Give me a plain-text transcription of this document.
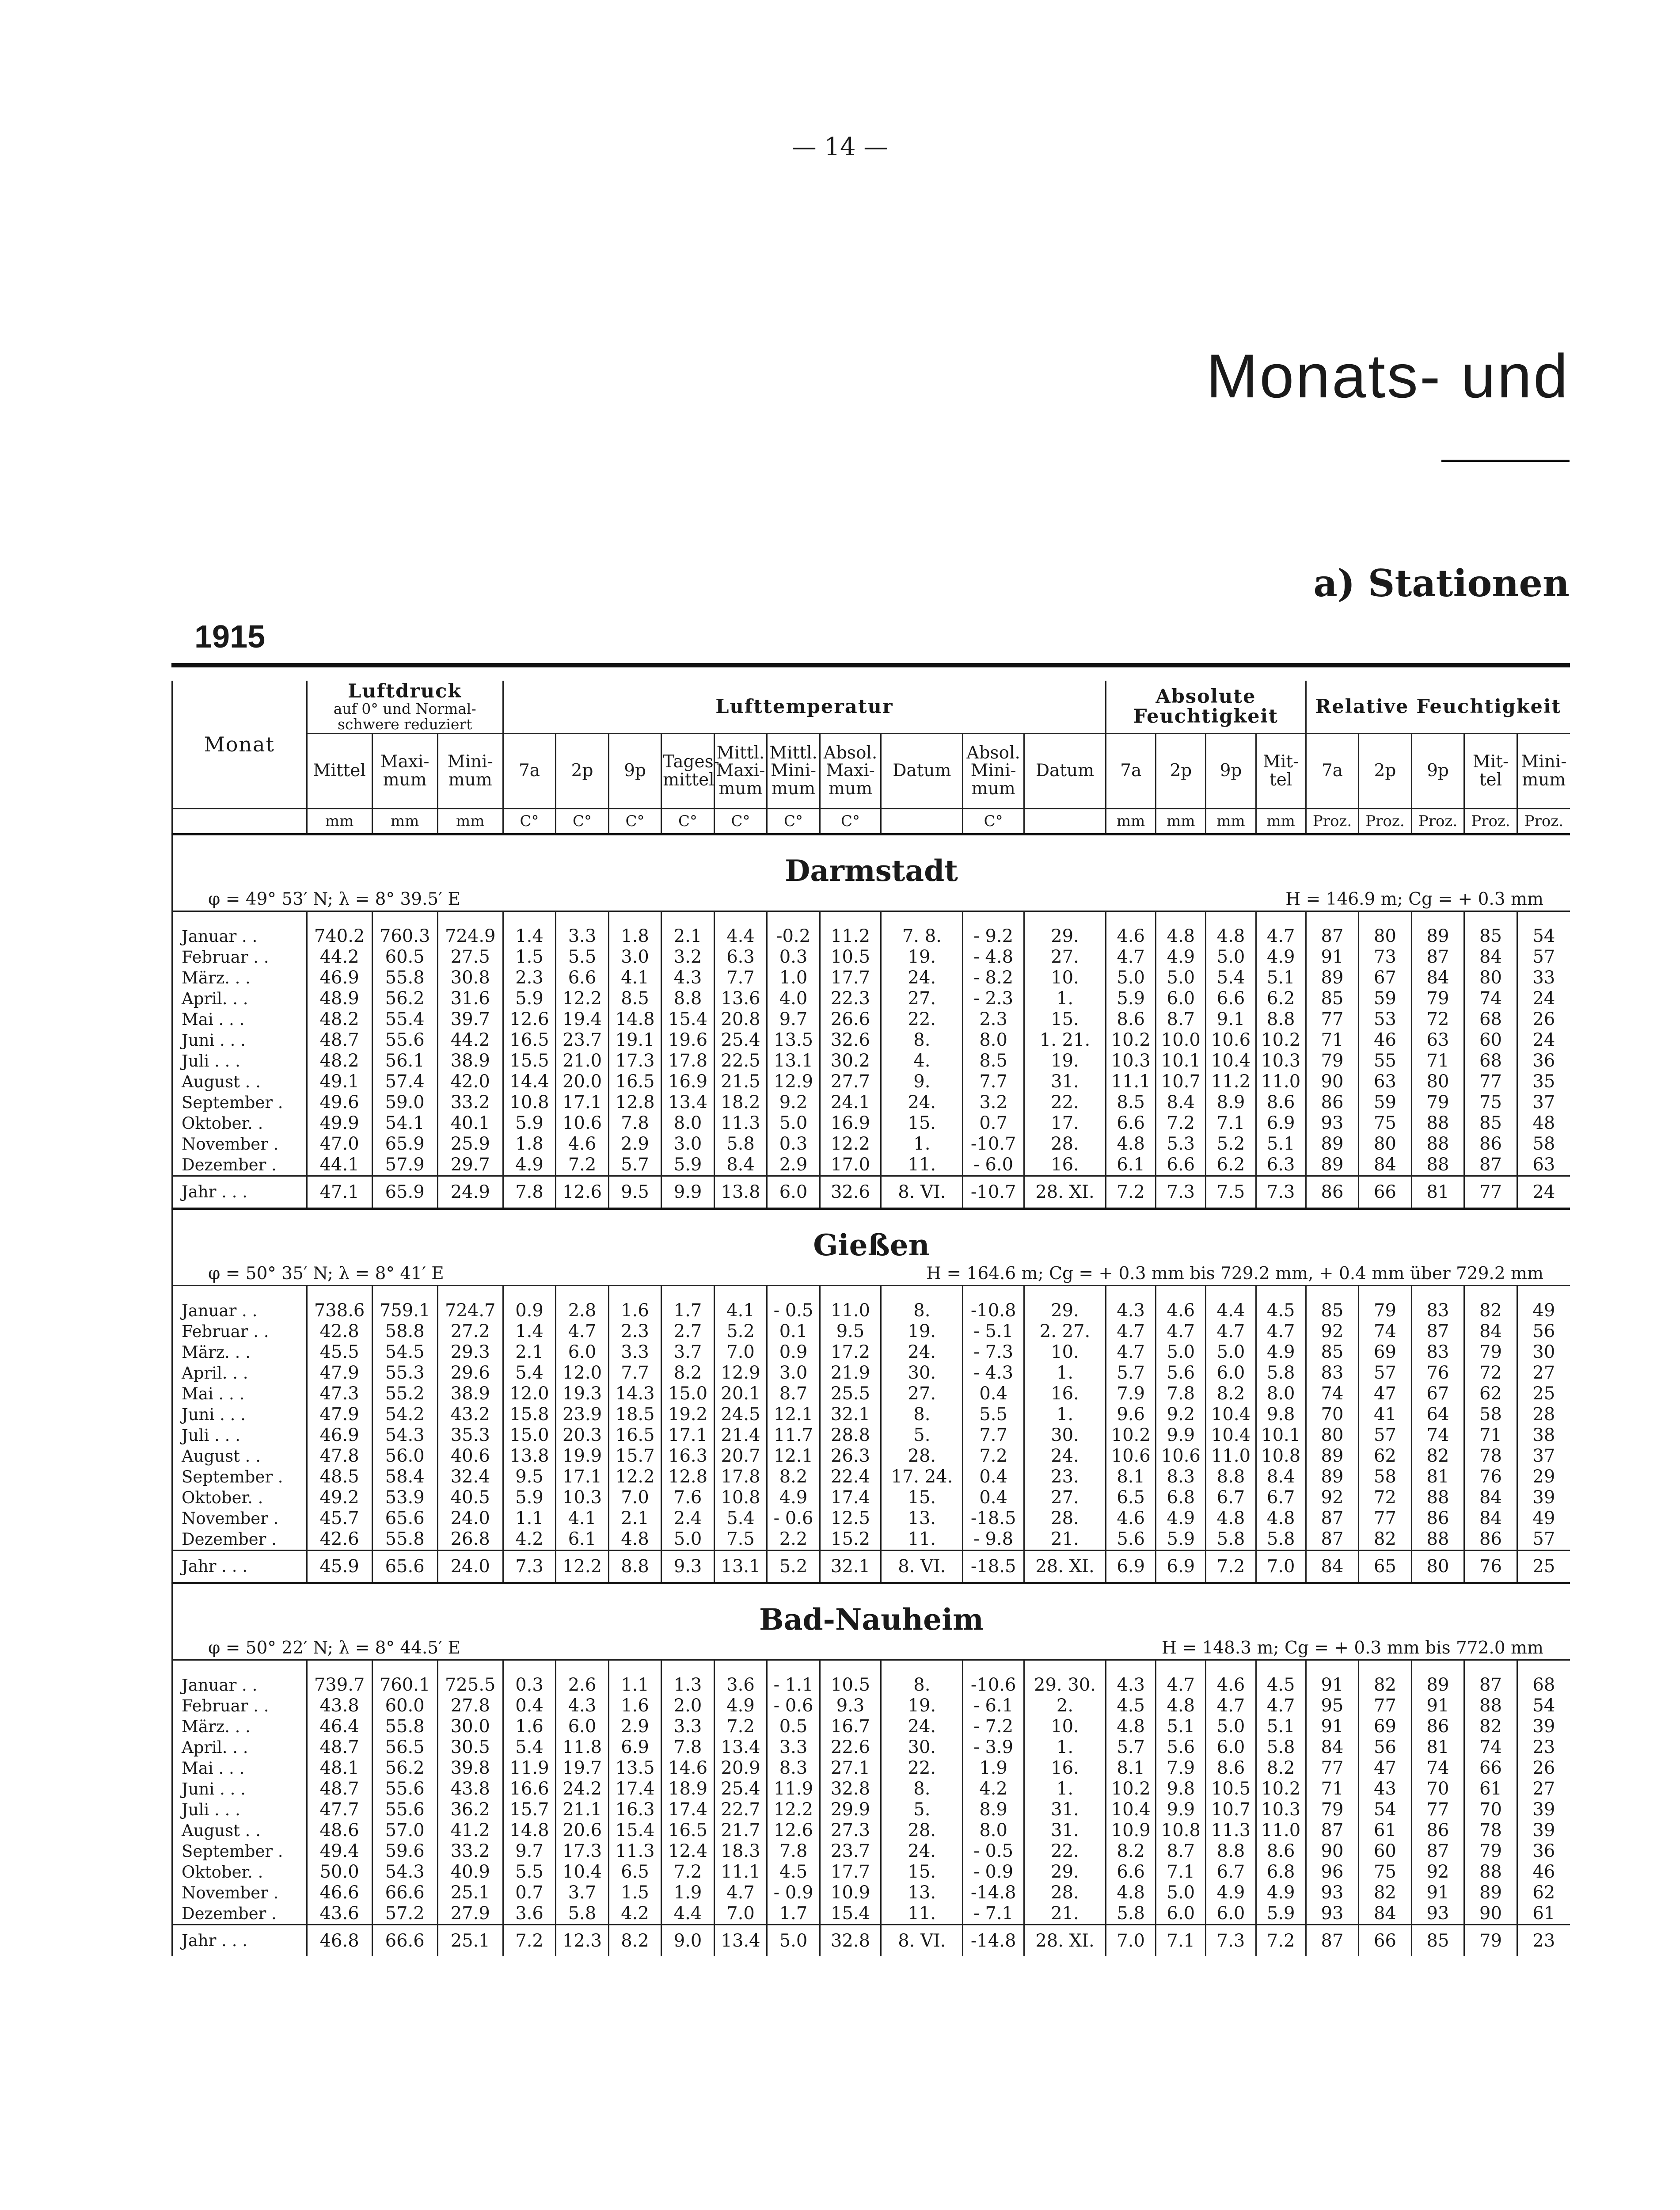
— 14 —
Monats- und
a) Stationen
1915
Monat	Luftdruck
auf 0° und Normal-schwere reduziert			Lufttemperatur										Absolute Feuchtigkeit				Relative Feuchtigkeit				
	Mittel	Maxi-mum	Mini-mum	7a	2p	9p	Tages-mittel	Mittl. Maxi-mum	Mittl. Mini-mum	Absol. Maxi-mum	Datum	Absol. Mini-mum	Datum	7a	2p	9p	Mit-tel	7a	2p	9p	Mit-tel	Mini-mum
	mm	mm	mm	C°	C°	C°	C°	C°	C°	C°		C°		mm	mm	mm	mm	Proz.	Proz.	Proz.	Proz.	Proz.

Darmstadt																						

φ = 49° 53′ N; λ = 8° 39.5′ E H = 146.9 m; Cg = + 0.3 mm																						

Januar . .	740.2	760.3	724.9	1.4	3.3	1.8	2.1	4.4	-0.2	11.2	7. 8.	- 9.2	29.	4.6	4.8	4.8	4.7	87	80	89	85	54
Februar . .	44.2	60.5	27.5	1.5	5.5	3.0	3.2	6.3	0.3	10.5	19.	- 4.8	27.	4.7	4.9	5.0	4.9	91	73	87	84	57
März. . .	46.9	55.8	30.8	2.3	6.6	4.1	4.3	7.7	1.0	17.7	24.	- 8.2	10.	5.0	5.0	5.4	5.1	89	67	84	80	33
April. . .	48.9	56.2	31.6	5.9	12.2	8.5	8.8	13.6	4.0	22.3	27.	- 2.3	1.	5.9	6.0	6.6	6.2	85	59	79	74	24
Mai . . .	48.2	55.4	39.7	12.6	19.4	14.8	15.4	20.8	9.7	26.6	22.	2.3	15.	8.6	8.7	9.1	8.8	77	53	72	68	26
Juni . . .	48.7	55.6	44.2	16.5	23.7	19.1	19.6	25.4	13.5	32.6	8.	8.0	1. 21.	10.2	10.0	10.6	10.2	71	46	63	60	24
Juli . . .	48.2	56.1	38.9	15.5	21.0	17.3	17.8	22.5	13.1	30.2	4.	8.5	19.	10.3	10.1	10.4	10.3	79	55	71	68	36
August . .	49.1	57.4	42.0	14.4	20.0	16.5	16.9	21.5	12.9	27.7	9.	7.7	31.	11.1	10.7	11.2	11.0	90	63	80	77	35
September .	49.6	59.0	33.2	10.8	17.1	12.8	13.4	18.2	9.2	24.1	24.	3.2	22.	8.5	8.4	8.9	8.6	86	59	79	75	37
Oktober. .	49.9	54.1	40.1	5.9	10.6	7.8	8.0	11.3	5.0	16.9	15.	0.7	17.	6.6	7.2	7.1	6.9	93	75	88	85	48
November .	47.0	65.9	25.9	1.8	4.6	2.9	3.0	5.8	0.3	12.2	1.	-10.7	28.	4.8	5.3	5.2	5.1	89	80	88	86	58
Dezember .	44.1	57.9	29.7	4.9	7.2	5.7	5.9	8.4	2.9	17.0	11.	- 6.0	16.	6.1	6.6	6.2	6.3	89	84	88	87	63
Jahr . . .	47.1	65.9	24.9	7.8	12.6	9.5	9.9	13.8	6.0	32.6	8. VI.	-10.7	28. XI.	7.2	7.3	7.5	7.3	86	66	81	77	24

Gießen																						

φ = 50° 35′ N; λ = 8° 41′ E H = 164.6 m; Cg = + 0.3 mm bis 729.2 mm, + 0.4 mm über 729.2 mm																						

Januar . .	738.6	759.1	724.7	0.9	2.8	1.6	1.7	4.1	- 0.5	11.0	8.	-10.8	29.	4.3	4.6	4.4	4.5	85	79	83	82	49
Februar . .	42.8	58.8	27.2	1.4	4.7	2.3	2.7	5.2	0.1	9.5	19.	- 5.1	2. 27.	4.7	4.7	4.7	4.7	92	74	87	84	56
März. . .	45.5	54.5	29.3	2.1	6.0	3.3	3.7	7.0	0.9	17.2	24.	- 7.3	10.	4.7	5.0	5.0	4.9	85	69	83	79	30
April. . .	47.9	55.3	29.6	5.4	12.0	7.7	8.2	12.9	3.0	21.9	30.	- 4.3	1.	5.7	5.6	6.0	5.8	83	57	76	72	27
Mai . . .	47.3	55.2	38.9	12.0	19.3	14.3	15.0	20.1	8.7	25.5	27.	0.4	16.	7.9	7.8	8.2	8.0	74	47	67	62	25
Juni . . .	47.9	54.2	43.2	15.8	23.9	18.5	19.2	24.5	12.1	32.1	8.	5.5	1.	9.6	9.2	10.4	9.8	70	41	64	58	28
Juli . . .	46.9	54.3	35.3	15.0	20.3	16.5	17.1	21.4	11.7	28.8	5.	7.7	30.	10.2	9.9	10.4	10.1	80	57	74	71	38
August . .	47.8	56.0	40.6	13.8	19.9	15.7	16.3	20.7	12.1	26.3	28.	7.2	24.	10.6	10.6	11.0	10.8	89	62	82	78	37
September .	48.5	58.4	32.4	9.5	17.1	12.2	12.8	17.8	8.2	22.4	17. 24.	0.4	23.	8.1	8.3	8.8	8.4	89	58	81	76	29
Oktober. .	49.2	53.9	40.5	5.9	10.3	7.0	7.6	10.8	4.9	17.4	15.	0.4	27.	6.5	6.8	6.7	6.7	92	72	88	84	39
November .	45.7	65.6	24.0	1.1	4.1	2.1	2.4	5.4	- 0.6	12.5	13.	-18.5	28.	4.6	4.9	4.8	4.8	87	77	86	84	49
Dezember .	42.6	55.8	26.8	4.2	6.1	4.8	5.0	7.5	2.2	15.2	11.	- 9.8	21.	5.6	5.9	5.8	5.8	87	82	88	86	57
Jahr . . .	45.9	65.6	24.0	7.3	12.2	8.8	9.3	13.1	5.2	32.1	8. VI.	-18.5	28. XI.	6.9	6.9	7.2	7.0	84	65	80	76	25

Bad-Nauheim																						

φ = 50° 22′ N; λ = 8° 44.5′ E H = 148.3 m; Cg = + 0.3 mm bis 772.0 mm																						

Januar . .	739.7	760.1	725.5	0.3	2.6	1.1	1.3	3.6	- 1.1	10.5	8.	-10.6	29. 30.	4.3	4.7	4.6	4.5	91	82	89	87	68
Februar . .	43.8	60.0	27.8	0.4	4.3	1.6	2.0	4.9	- 0.6	9.3	19.	- 6.1	2.	4.5	4.8	4.7	4.7	95	77	91	88	54
März. . .	46.4	55.8	30.0	1.6	6.0	2.9	3.3	7.2	0.5	16.7	24.	- 7.2	10.	4.8	5.1	5.0	5.1	91	69	86	82	39
April. . .	48.7	56.5	30.5	5.4	11.8	6.9	7.8	13.4	3.3	22.6	30.	- 3.9	1.	5.7	5.6	6.0	5.8	84	56	81	74	23
Mai . . .	48.1	56.2	39.8	11.9	19.7	13.5	14.6	20.9	8.3	27.1	22.	1.9	16.	8.1	7.9	8.6	8.2	77	47	74	66	26
Juni . . .	48.7	55.6	43.8	16.6	24.2	17.4	18.9	25.4	11.9	32.8	8.	4.2	1.	10.2	9.8	10.5	10.2	71	43	70	61	27
Juli . . .	47.7	55.6	36.2	15.7	21.1	16.3	17.4	22.7	12.2	29.9	5.	8.9	31.	10.4	9.9	10.7	10.3	79	54	77	70	39
August . .	48.6	57.0	41.2	14.8	20.6	15.4	16.5	21.7	12.6	27.3	28.	8.0	31.	10.9	10.8	11.3	11.0	87	61	86	78	39
September .	49.4	59.6	33.2	9.7	17.3	11.3	12.4	18.3	7.8	23.7	24.	- 0.5	22.	8.2	8.7	8.8	8.6	90	60	87	79	36
Oktober. .	50.0	54.3	40.9	5.5	10.4	6.5	7.2	11.1	4.5	17.7	15.	- 0.9	29.	6.6	7.1	6.7	6.8	96	75	92	88	46
November .	46.6	66.6	25.1	0.7	3.7	1.5	1.9	4.7	- 0.9	10.9	13.	-14.8	28.	4.8	5.0	4.9	4.9	93	82	91	89	62
Dezember .	43.6	57.2	27.9	3.6	5.8	4.2	4.4	7.0	1.7	15.4	11.	- 7.1	21.	5.8	6.0	6.0	5.9	93	84	93	90	61
Jahr . . .	46.8	66.6	25.1	7.2	12.3	8.2	9.0	13.4	5.0	32.8	8. VI.	-14.8	28. XI.	7.0	7.1	7.3	7.2	87	66	85	79	23
